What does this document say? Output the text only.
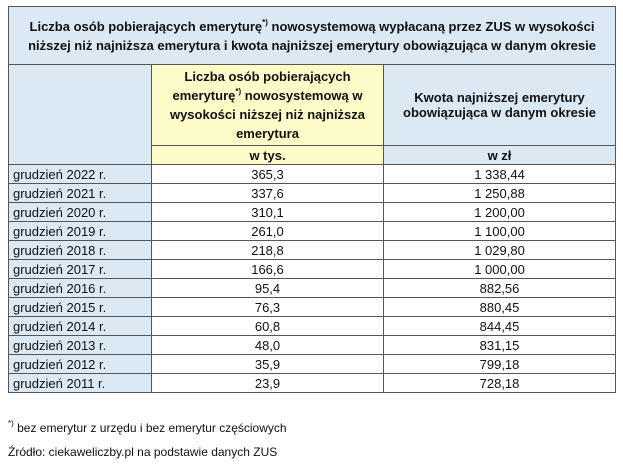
Liczba osób pobierających emeryturę*) nowosystemową wypłacaną przez ZUS w wysokości niższej niż najniższa emerytura i kwota najniższej emerytury obowiązująca w danym okresie		
	Liczba osób pobierających emeryturę*) nowosystemową w wysokości niższej niż najniższa emerytura	Kwota najniższej emerytury obowiązująca w danym okresie
	w tys.	w zł
grudzień 2022 r.	365,3	1 338,44
grudzień 2021 r.	337,6	1 250,88
grudzień 2020 r.	310,1	1 200,00
grudzień 2019 r.	261,0	1 100,00
grudzień 2018 r.	218,8	1 029,80
grudzień 2017 r.	166,6	1 000,00
grudzień 2016 r.	95,4	882,56
grudzień 2015 r.	76,3	880,45
grudzień 2014 r.	60,8	844,45
grudzień 2013 r.	48,0	831,15
grudzień 2012 r.	35,9	799,18
grudzień 2011 r.	23,9	728,18
*) bez emerytur z urzędu i bez emerytur częściowych
Źródło: ciekaweliczby.pl na podstawie danych ZUS
